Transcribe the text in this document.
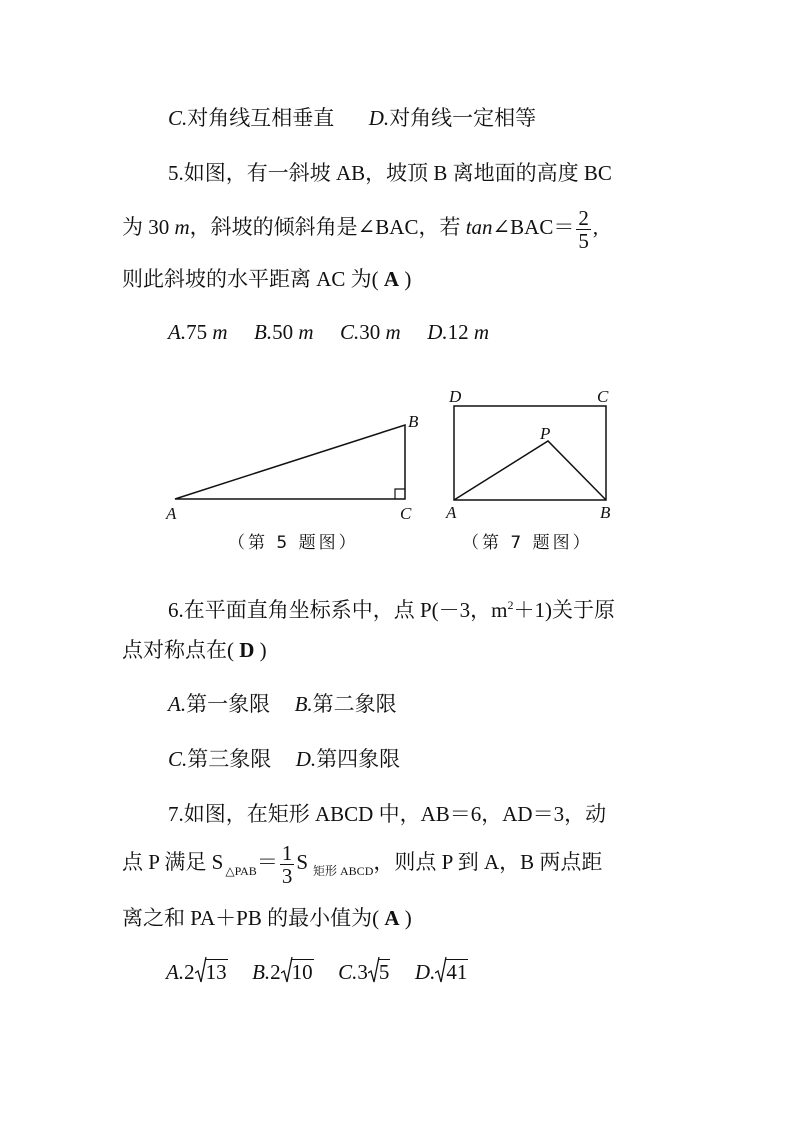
C.对角线互相垂直 D.对角线一定相等
5.如图，有一斜坡 AB，坡顶 B 离地面的高度 BC
为 30 m，斜坡的倾斜角是∠BAC，若 tan∠BAC＝ $\frac{2}{5}$ ,
则此斜坡的水平距离 AC 为( A )
A.75 m B.50 m C.30 m D.12 m
A
B
C
（第 5 题图）
D	C
P
A	B
（第 7 题图）
6.在平面直角坐标系中，点 P(－3，$m^2+1$)关于原
点对称点在( D )
A.第一象限 B.第二象限
C.第三象限 D.第四象限
7.如图，在矩形 ABCD 中，AB＝6，AD＝3，动
点 P 满足 S $_{\triangle PAB}= \frac{1}{3}$ S $_{矩形 ABCD}$，则点 P 到 A，B 两点距
离之和 PA＋PB 的最小值为( A )
A.2 13 B.2 10 C.3 5 D. 41
